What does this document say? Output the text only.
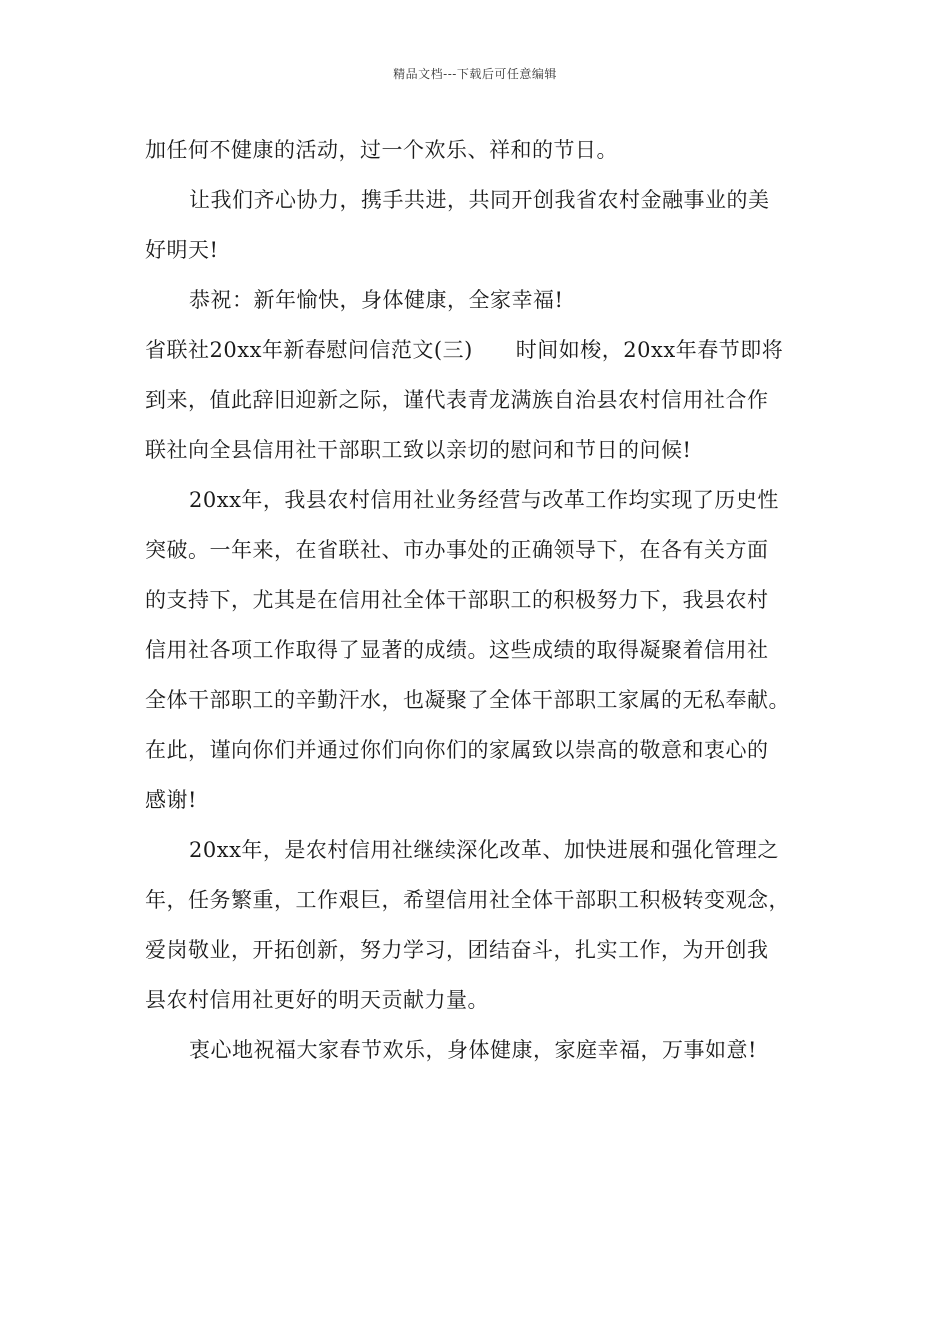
精品文档---下载后可任意编辑
加任何不健康的活动，过一个欢乐、祥和的节日。
让我们齐心协力，携手共进，共同开创我省农村金融事业的美
好明天!
恭祝：新年愉快，身体健康，全家幸福!
省联社20xx年新春慰问信范文(三)　　时间如梭，20xx年春节即将
到来，值此辞旧迎新之际，谨代表青龙满族自治县农村信用社合作
联社向全县信用社干部职工致以亲切的慰问和节日的问候!
20xx年，我县农村信用社业务经营与改革工作均实现了历史性
突破。一年来，在省联社、市办事处的正确领导下，在各有关方面
的支持下，尤其是在信用社全体干部职工的积极努力下，我县农村
信用社各项工作取得了显著的成绩。这些成绩的取得凝聚着信用社
全体干部职工的辛勤汗水，也凝聚了全体干部职工家属的无私奉献。
在此，谨向你们并通过你们向你们的家属致以崇高的敬意和衷心的
感谢!
20xx年，是农村信用社继续深化改革、加快进展和强化管理之
年，任务繁重，工作艰巨，希望信用社全体干部职工积极转变观念，
爱岗敬业，开拓创新，努力学习，团结奋斗，扎实工作，为开创我
县农村信用社更好的明天贡献力量。
衷心地祝福大家春节欢乐，身体健康，家庭幸福，万事如意!
